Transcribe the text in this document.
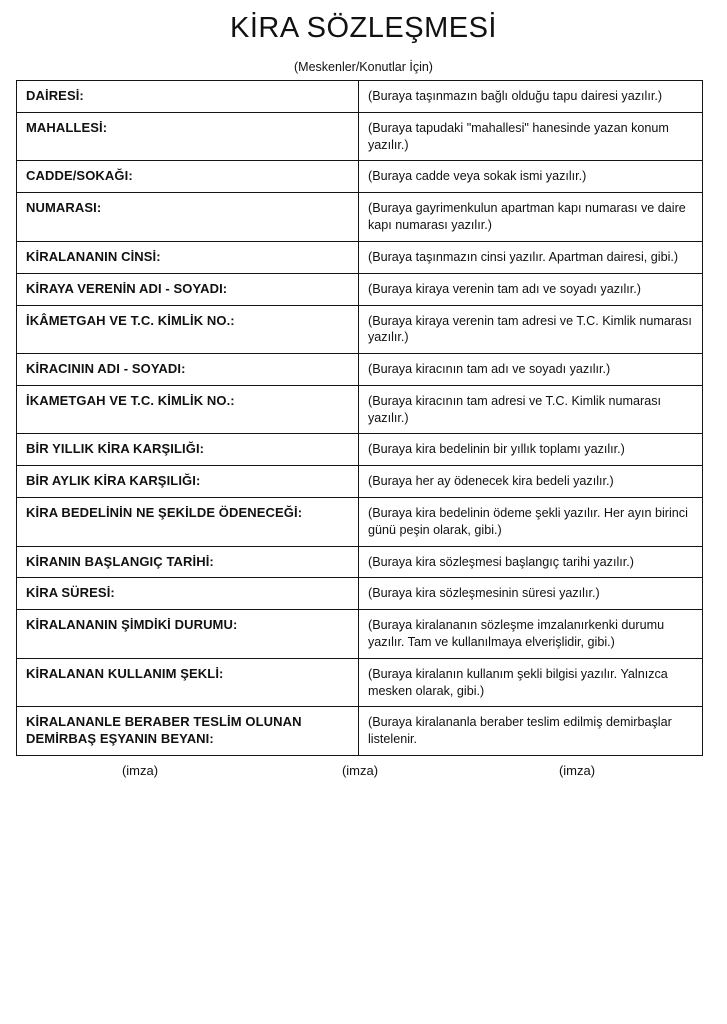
KİRA SÖZLEŞMESİ
(Meskenler/Konutlar İçin)
DAİRESİ:	(Buraya taşınmazın bağlı olduğu tapu dairesi yazılır.)
MAHALLESİ:	(Buraya tapudaki "mahallesi" hanesinde yazan konum yazılır.)
CADDE/SOKAĞI:	(Buraya cadde veya sokak ismi yazılır.)
NUMARASI:	(Buraya gayrimenkulun apartman kapı numarası ve daire kapı numarası yazılır.)
KİRALANANIN CİNSİ:	(Buraya taşınmazın cinsi yazılır. Apartman dairesi, gibi.)
KİRAYA VERENİN ADI - SOYADI:	(Buraya kiraya verenin tam adı ve soyadı yazılır.)
İKÂMETGAH VE T.C. KİMLİK NO.:	(Buraya kiraya verenin tam adresi ve T.C. Kimlik numarası yazılır.)
KİRACININ ADI - SOYADI:	(Buraya kiracının tam adı ve soyadı yazılır.)
İKAMETGAH VE T.C. KİMLİK NO.:	(Buraya kiracının tam adresi ve T.C. Kimlik numarası yazılır.)
BİR YILLIK KİRA KARŞILIĞI:	(Buraya kira bedelinin bir yıllık toplamı yazılır.)
BİR AYLIK KİRA KARŞILIĞI:	(Buraya her ay ödenecek kira bedeli yazılır.)
KİRA BEDELİNİN NE ŞEKİLDE ÖDENECEĞİ:	(Buraya kira bedelinin ödeme şekli yazılır. Her ayın birinci günü peşin olarak, gibi.)
KİRANIN BAŞLANGIÇ TARİHİ:	(Buraya kira sözleşmesi başlangıç tarihi yazılır.)
KİRA SÜRESİ:	(Buraya kira sözleşmesinin süresi yazılır.)
KİRALANANIN ŞİMDİKİ DURUMU:	(Buraya kiralananın sözleşme imzalanırkenki durumu yazılır. Tam ve kullanılmaya elverişlidir, gibi.)
KİRALANAN KULLANIM ŞEKLİ:	(Buraya kiralanın kullanım şekli bilgisi yazılır. Yalnızca mesken olarak, gibi.)
KİRALANANLE BERABER TESLİM OLUNAN DEMİRBAŞ EŞYANIN BEYANI:	(Buraya kiralananla beraber teslim edilmiş demirbaşlar listelenir.
(imza)	(imza)	(imza)
